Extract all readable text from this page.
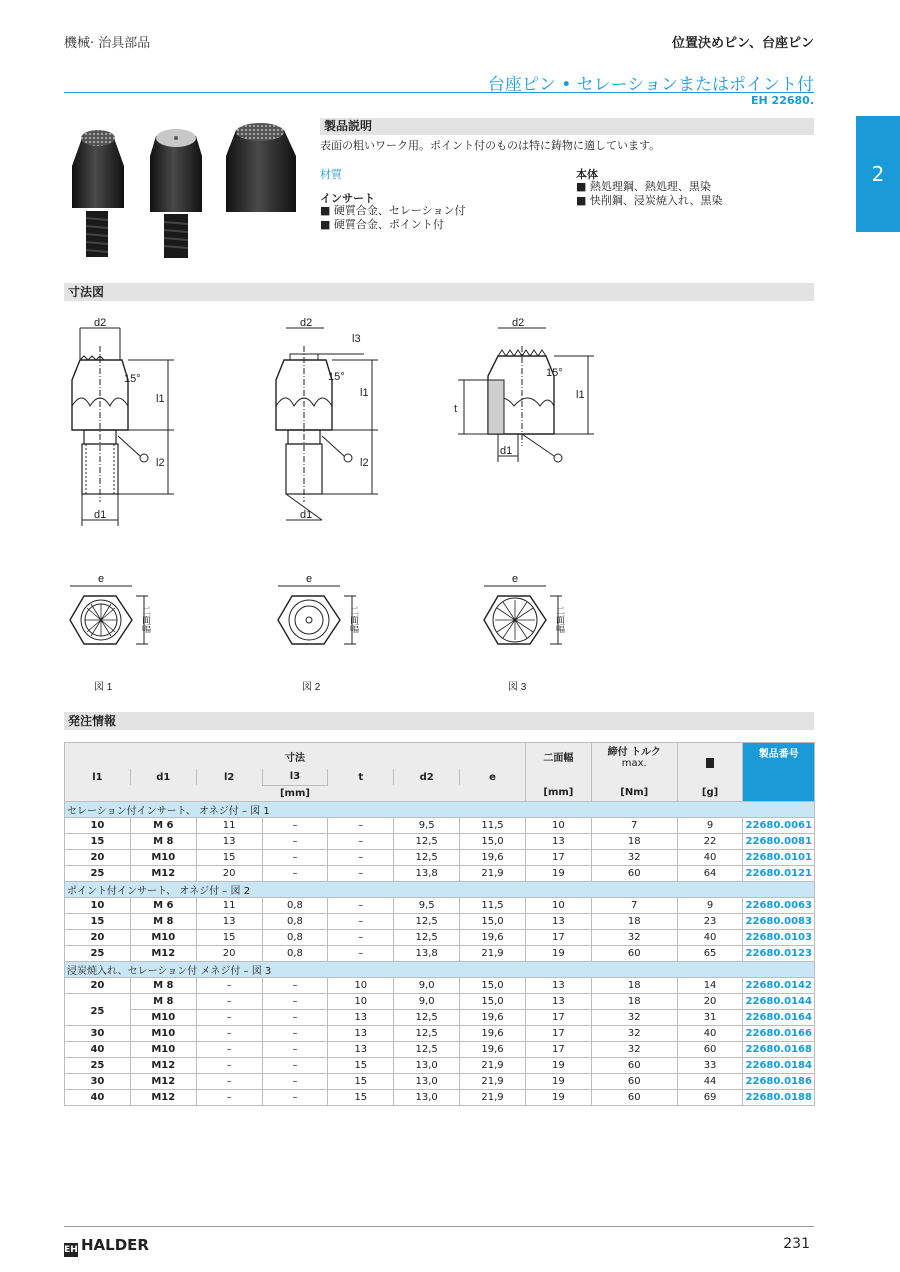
機械· 治具部品	位置決めピン、台座ピン
台座ピン • セレーションまたはポイント付
EH 22680.
2
製品説明
表面の粗いワーク用。ポイント付のものは特に鋳物に適しています。
材質
インサート
■ 硬質合金、セレーション付
■ 硬質合金、ポイント付
本体
■ 熱処理鋼、熱処理、黒染
■ 快削鋼、浸炭焼入れ、黒染
寸法図
d2
l1
l2
15°
d1
d2
l3
l1
l2
15°
d1
d2
t
l1
15°
d1
e
二面幅
図 1
e
二面幅
図 2
e
二面幅
図 3
発注情報
寸法							二面幅	締付 トルク
max.		製品番号
l1	d1	l2	l3	t	d2	e				
[mm]							[mm]	[Nm]	[g]	
セレーション付インサート、 オネジ付 – 図 1										
10	M 6	11	–	–	9,5	11,5	10	7	9	22680.0061
15	M 8	13	–	–	12,5	15,0	13	18	22	22680.0081
20	M10	15	–	–	12,5	19,6	17	32	40	22680.0101
25	M12	20	–	–	13,8	21,9	19	60	64	22680.0121
ポイント付インサート、 オネジ付 – 図 2										
10	M 6	11	0,8	–	9,5	11,5	10	7	9	22680.0063
15	M 8	13	0,8	–	12,5	15,0	13	18	23	22680.0083
20	M10	15	0,8	–	12,5	19,6	17	32	40	22680.0103
25	M12	20	0,8	–	13,8	21,9	19	60	65	22680.0123
浸炭焼入れ、セレーション付 メネジ付 – 図 3										
20	M 8	–	–	10	9,0	15,0	13	18	14	22680.0142
25	M 8	–	–	10	9,0	15,0	13	18	20	22680.0144
	M10	–	–	13	12,5	19,6	17	32	31	22680.0164
30	M10	–	–	13	12,5	19,6	17	32	40	22680.0166
40	M10	–	–	13	12,5	19,6	17	32	60	22680.0168
25	M12	–	–	15	13,0	21,9	19	60	33	22680.0184
30	M12	–	–	15	13,0	21,9	19	60	44	22680.0186
40	M12	–	–	15	13,0	21,9	19	60	69	22680.0188
EH HALDER	231
